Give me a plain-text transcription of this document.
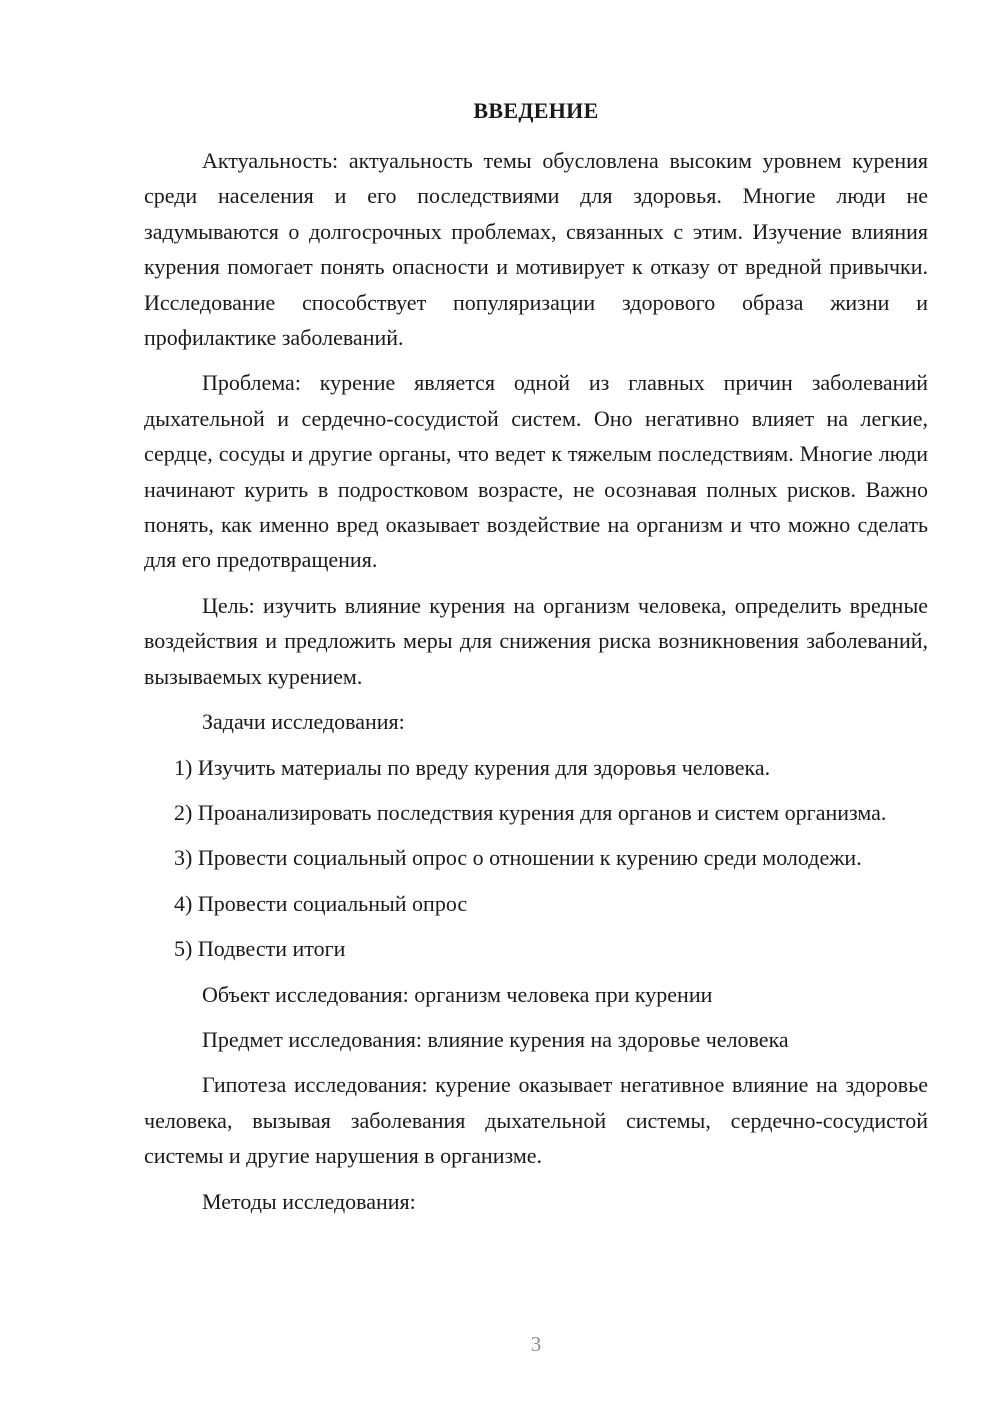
ВВЕДЕНИЕ

Актуальность: актуальность темы обусловлена высоким уровнем курения среди населения и его последствиями для здоровья. Многие люди не задумываются о долгосрочных проблемах, связанных с этим. Изучение влияния курения помогает понять опасности и мотивирует к отказу от вредной привычки. Исследование способствует популяризации здорового образа жизни и профилактике заболеваний.

Проблема: курение является одной из главных причин заболеваний дыхательной и сердечно-сосудистой систем. Оно негативно влияет на легкие, сердце, сосуды и другие органы, что ведет к тяжелым последствиям. Многие люди начинают курить в подростковом возрасте, не осознавая полных рисков. Важно понять, как именно вред оказывает воздействие на организм и что можно сделать для его предотвращения.

Цель: изучить влияние курения на организм человека, определить вредные воздействия и предложить меры для снижения риска возникновения заболеваний, вызываемых курением.

Задачи исследования:

1) Изучить материалы по вреду курения для здоровья человека.

2) Проанализировать последствия курения для органов и систем организма.

3) Провести социальный опрос о отношении к курению среди молодежи.

4) Провести социальный опрос

5) Подвести итоги

Объект исследования: организм человека при курении

Предмет исследования: влияние курения на здоровье человека

Гипотеза исследования: курение оказывает негативное влияние на здоровье человека, вызывая заболевания дыхательной системы, сердечно-сосудистой системы и другие нарушения в организме.

Методы исследования:

3
